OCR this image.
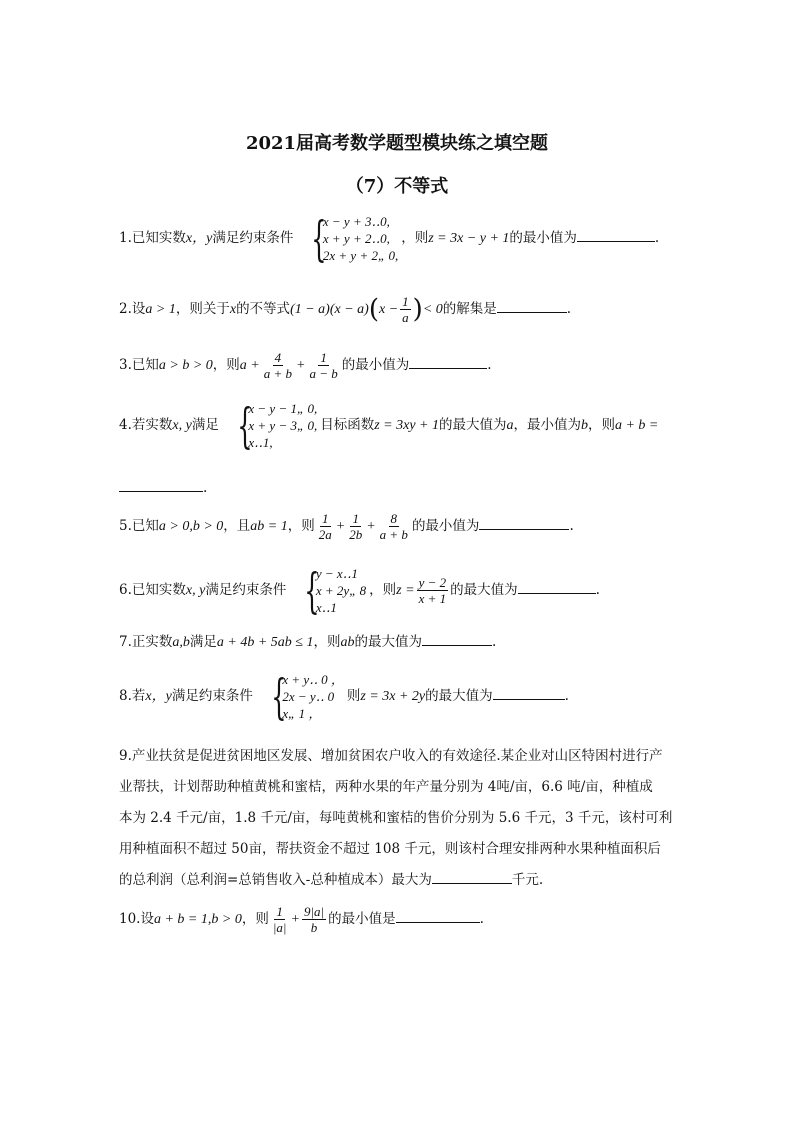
2021届高考数学题型模块练之填空题
（7）不等式
1.已知实数x，y满足约束条件 {
x − y + 3‥0,
x + y + 2‥0,
2x + y + 2„ 0,
，则z = 3x − y + 1的最小值为	.
2.设a > 1，则关于x的不等式$(1 - a)(x - a)(x - \frac{1}{a}$ )< 0的解集是	.
3.已知a > b > 0，则$a + \frac{4}{a + b} + \frac{1}{a - b}$ 的最小值为	.
4.若实数x, y满足 {
x − y − 1„ 0,
x + y − 3„ 0,
x‥1,
目标函数z = 3xy + 1的最大值为a，最小值为b，则a + b =
.
5.已知a > 0,b > 0，且ab = 1，则 $\frac{1}{2a} + \frac{1}{2b} + \frac{8}{a + b}$ 的最小值为	.
6.已知实数x, y满足约束条件 {
y − x‥1
x + 2y„ 8
x‥1
，则$z = \frac{y - 2}{x + 1}$ 的最大值为	.
7.正实数a,b满足a + 4b + 5ab ≤ 1，则ab的最大值为	.
8.若x，y满足约束条件 {
x + y‥ 0 ，
2x − y‥ 0
x„ 1 ，
则z = 3x + 2y的最大值为	.
9.产业扶贫是促进贫困地区发展、增加贫困农户收入的有效途径.某企业对山区特困村进行产
业帮扶，计划帮助种植黄桃和蜜桔，两种水果的年产量分别为 4吨/亩，6.6 吨/亩，种植成
本为 2.4 千元/亩，1.8 千元/亩，每吨黄桃和蜜桔的售价分别为 5.6 千元，3 千元，该村可利
用种植面积不超过 50亩，帮扶资金不超过 108 千元，则该村合理安排两种水果种植面积后
的总利润（总利润=总销售收入-总种植成本）最大为	千元.
10.设a + b = 1,b > 0，则 $\frac{1}{|a|} + \frac{9|a|}{b}$ 的最小值是	.
